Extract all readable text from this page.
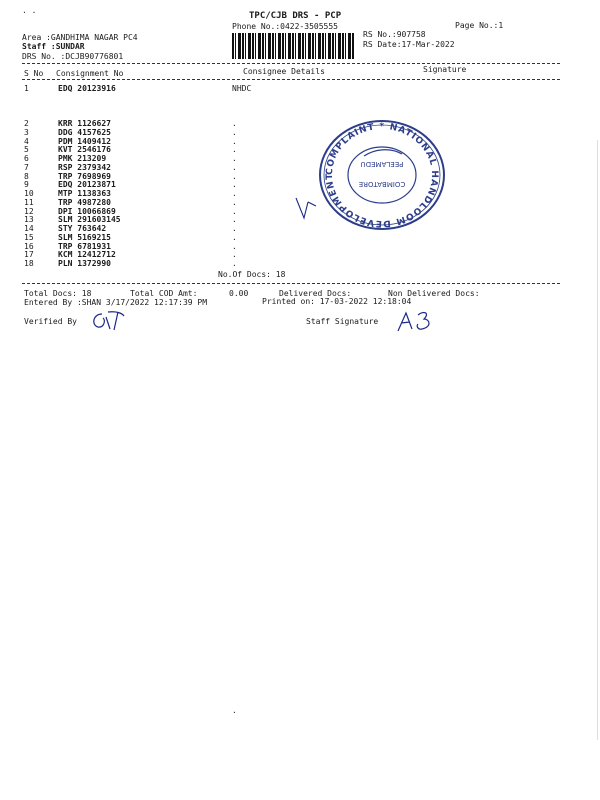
. .
TPC/CJB DRS - PCP
Phone No.:0422-3505555	Page No.:1
Area :GANDHIMA NAGAR PC4
Staff :SUNDAR
DRS No. :DCJB90776801
RS No.:907758
RS Date:17-Mar-2022
S No Consignment No	Consignee Details	Signature
1	EDQ 20123916	NHDC
2	KRR 1126627	.
3	DDG 4157625	.
4	PDM 1409412	.
5	KVT 2546176	.
6	PMK 213209	.
7	RSP 2379342	.
8	TRP 7698969	.
9	EDQ 20123871	.
10	MTP 1138363	.
11	TRP 4987280	.
12	DPI 10066869	.
13	SLM 291603145	.
14	STY 763642	.
15	SLM 5169215	.
16	TRP 6781931	.
17	KCM 12412712	.
18	PLN 1372990	.
.
No.Of Docs: 18
Total Docs: 18	Total COD Amt:	0.00	Delivered Docs:	Non Delivered Docs:
Entered By :SHAN 3/17/2022 12:17:39 PM	Printed on: 17-03-2022 12:18:04
Verified By	Staff Signature
COMPLAINT * NATIONAL HANDLOOM DEVELOPMENT
COIMBATORE
PEELAMEDU
